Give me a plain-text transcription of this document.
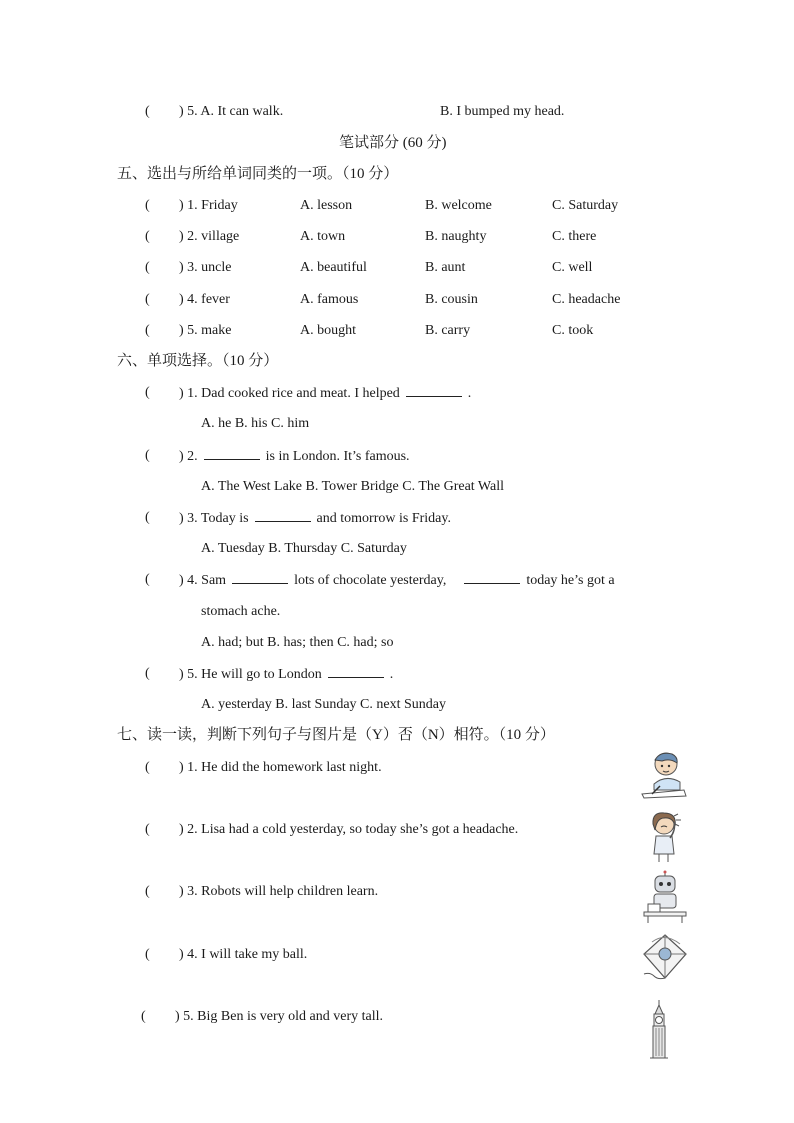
( ) 5. A. It can walk.	B. I bumped my head.
笔试部分 (60 分)
五、选出与所给单词同类的一项。（10 分）
( ) 1. Friday	A. lesson	B. welcome	C. Saturday
( ) 2. village	A. town	B. naughty	C. there
( ) 3. uncle	A. beautiful	B. aunt	C. well
( ) 4. fever	A. famous	B. cousin	C. headache
( ) 5. make	A. bought	B. carry	C. took
六、单项选择。（10 分）
( ) 1. Dad cooked rice and meat. I helped	.
A. he B. his C. him
( ) 2.	is in London. It’s famous.
A. The West Lake B. Tower Bridge C. The Great Wall
( ) 3. Today is	and tomorrow is Friday.
A. Tuesday B. Thursday C. Saturday
( ) 4. Sam	lots of chocolate yesterday,	today he’s got a
stomach ache.
A. had; but B. has; then C. had; so
( ) 5. He will go to London	.
A. yesterday B. last Sunday C. next Sunday
七、读一读，判断下列句子与图片是（Y）否（N）相符。（10 分）
( ) 1. He did the homework last night.
( ) 2. Lisa had a cold yesterday, so today she’s got a headache.
( ) 3. Robots will help children learn.
( ) 4. I will take my ball.
( ) 5. Big Ben is very old and very tall.
